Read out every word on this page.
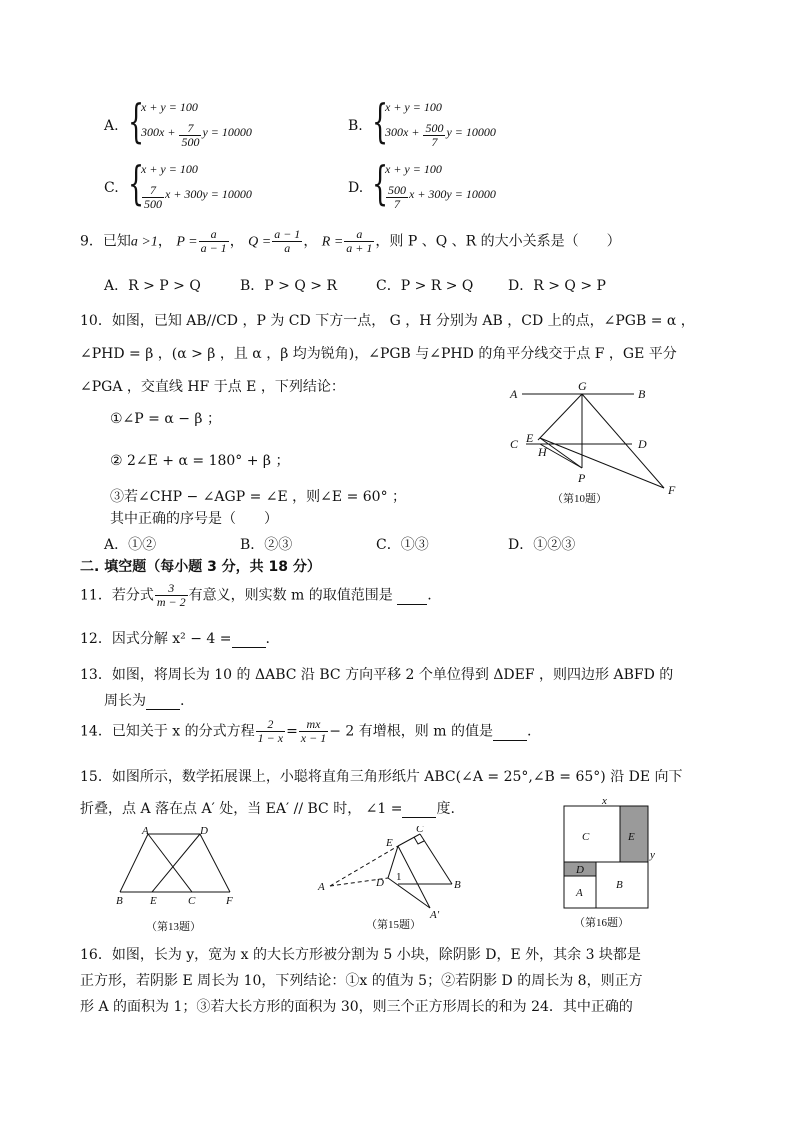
A. {
x + y = 100
$300x + \frac{7}{500}$ y = 10000	B. {
x + y = 100
$300x + \frac{500}{7}$ y = 10000
C. {
x + y = 100
$\frac{7}{500}$ x + 300y = 10000	D. {
x + y = 100
$\frac{500}{7}$ x + 300y = 10000
9．已知a >1， $P = \frac{a}{a - 1}$ ， $Q = \frac{a - 1}{a}$ ， $R = \frac{a}{a + 1}$ ，则 P 、Q 、R 的大小关系是（　　）
A．R > P > Q	B．P > Q > R	C．P > R > Q D．R > Q > P
10．如图，已知 AB//CD ，P 为 CD 下方一点， G ，H 分别为 AB ，CD 上的点，∠PGB = α ，
∠PHD = β ，(α > β ，且 α ，β 均为锐角)，∠PGB 与∠PHD 的角平分线交于点 F ，GE 平分
∠PGA ，交直线 HF 于点 E ，下列结论：
①∠P = α − β ；
② 2∠E + α = 180° + β ；
③若∠CHP − ∠AGP = ∠E ，则∠E = 60° ；
其中正确的序号是（　　）
A．①②	B．②③	C．①③	D．①②③
A	B
C	D
G
E
H
P
F
（第10题）
二. 填空题（每小题 3 分，共 18 分）
11．若分式 $\frac{3}{m - 2}$ 有意义，则实数 m 的取值范围是 .
12．因式分解 x² − 4 = .
13．如图，将周长为 10 的 ΔABC 沿 BC 方向平移 2 个单位得到 ΔDEF ，则四边形 ABFD 的
周长为 .
14．已知关于 x 的分式方程 $\frac{2}{1 - x} = \frac{mx}{x - 1} - 2$ 有增根，则 m 的值是 .
15．如图所示，数学拓展课上，小聪将直角三角形纸片 ABC(∠A = 25°,∠B = 65°) 沿 DE 向下
折叠，点 A 落在点 A′ 处，当 EA′ // BC 时， ∠1 = 度.
A	D
B E	C	F
（第13题）
C
E
1
A	D	B
A′
（第15题）
x
y
C	E
D
A
B
（第16题）
16．如图，长为 y，宽为 x 的大长方形被分割为 5 小块，除阴影 D，E 外，其余 3 块都是
正方形，若阴影 E 周长为 10，下列结论：①x 的值为 5；②若阴影 D 的周长为 8，则正方
形 A 的面积为 1；③若大长方形的面积为 30，则三个正方形周长的和为 24．其中正确的
